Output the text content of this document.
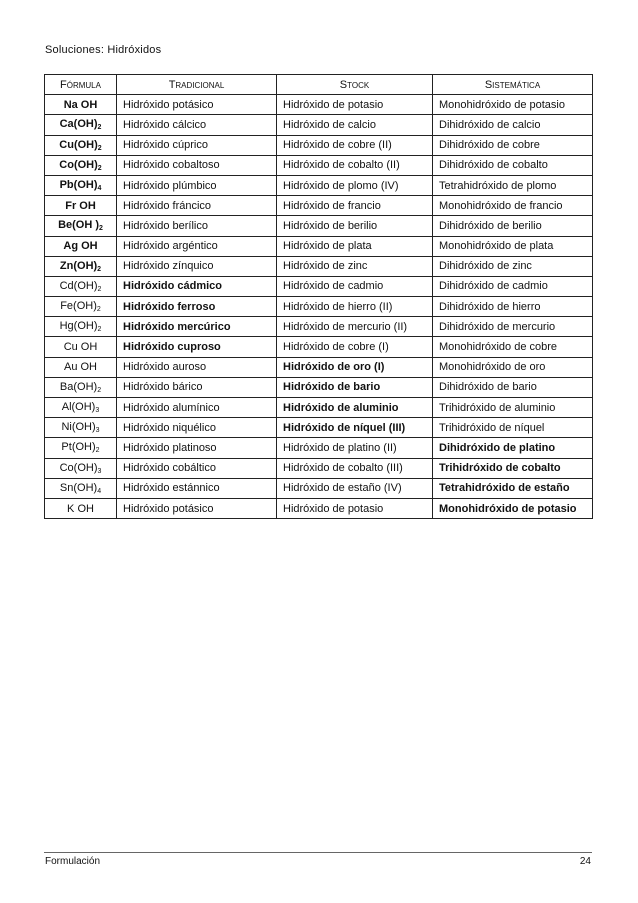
Soluciones: Hidróxidos
Fórmula	Tradicional	Stock	Sistemática
Na OH	Hidróxido potásico	Hidróxido de potasio	Monohidróxido de potasio
$Ca(OH)_2$	Hidróxido cálcico	Hidróxido de calcio	Dihidróxido de calcio
$Cu(OH)_2$	Hidróxido cúprico	Hidróxido de cobre (II)	Dihidróxido de cobre
$Co(OH)_2$	Hidróxido cobaltoso	Hidróxido de cobalto (II)	Dihidróxido de cobalto
$Pb(OH)_4$	Hidróxido plúmbico	Hidróxido de plomo (IV)	Tetrahidróxido de plomo
Fr OH	Hidróxido fráncico	Hidróxido de francio	Monohidróxido de francio
Be(OH )$_2$	Hidróxido berílico	Hidróxido de berilio	Dihidróxido de berilio
Ag OH	Hidróxido argéntico	Hidróxido de plata	Monohidróxido de plata
$Zn(OH)_2$	Hidróxido zínquico	Hidróxido de zinc	Dihidróxido de zinc
$Cd(OH)_2$	Hidróxido cádmico	Hidróxido de cadmio	Dihidróxido de cadmio
$Fe(OH)_2$	Hidróxido ferroso	Hidróxido de hierro (II)	Dihidróxido de hierro
$Hg(OH)_2$	Hidróxido mercúrico	Hidróxido de mercurio (II)	Dihidróxido de mercurio
Cu OH	Hidróxido cuproso	Hidróxido de cobre (I)	Monohidróxido de cobre
Au OH	Hidróxido auroso	Hidróxido de oro (I)	Monohidróxido de oro
$Ba(OH)_2$	Hidróxido bárico	Hidróxido de bario	Dihidróxido de bario
$Al(OH)_3$	Hidróxido alumínico	Hidróxido de aluminio	Trihidróxido de aluminio
$Ni(OH)_3$	Hidróxido niquélico	Hidróxido de níquel (III)	Trihidróxido de níquel
$Pt(OH)_2$	Hidróxido platinoso	Hidróxido de platino (II)	Dihidróxido de platino
$Co(OH)_3$	Hidróxido cobáltico	Hidróxido de cobalto (III)	Trihidróxido de cobalto
$Sn(OH)_4$	Hidróxido estánnico	Hidróxido de estaño (IV)	Tetrahidróxido de estaño
K OH	Hidróxido potásico	Hidróxido de potasio	Monohidróxido de potasio
Formulación	24
